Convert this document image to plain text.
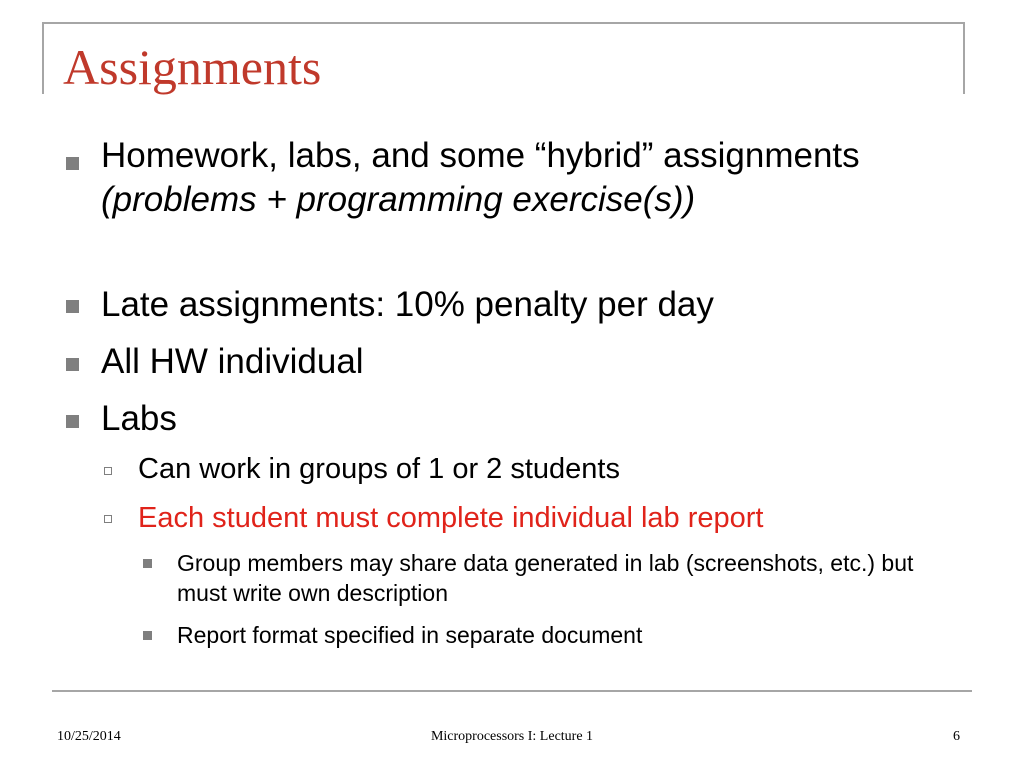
Assignments
Homework, labs, and some “hybrid” assignments (problems + programming exercise(s))
Late assignments: 10% penalty per day
All HW individual
Labs
Can work in groups of 1 or 2 students
Each student must complete individual lab report
Group members may share data generated in lab (screenshots, etc.) but must write own description
Report format specified in separate document
10/25/2014	Microprocessors I: Lecture 1	6
